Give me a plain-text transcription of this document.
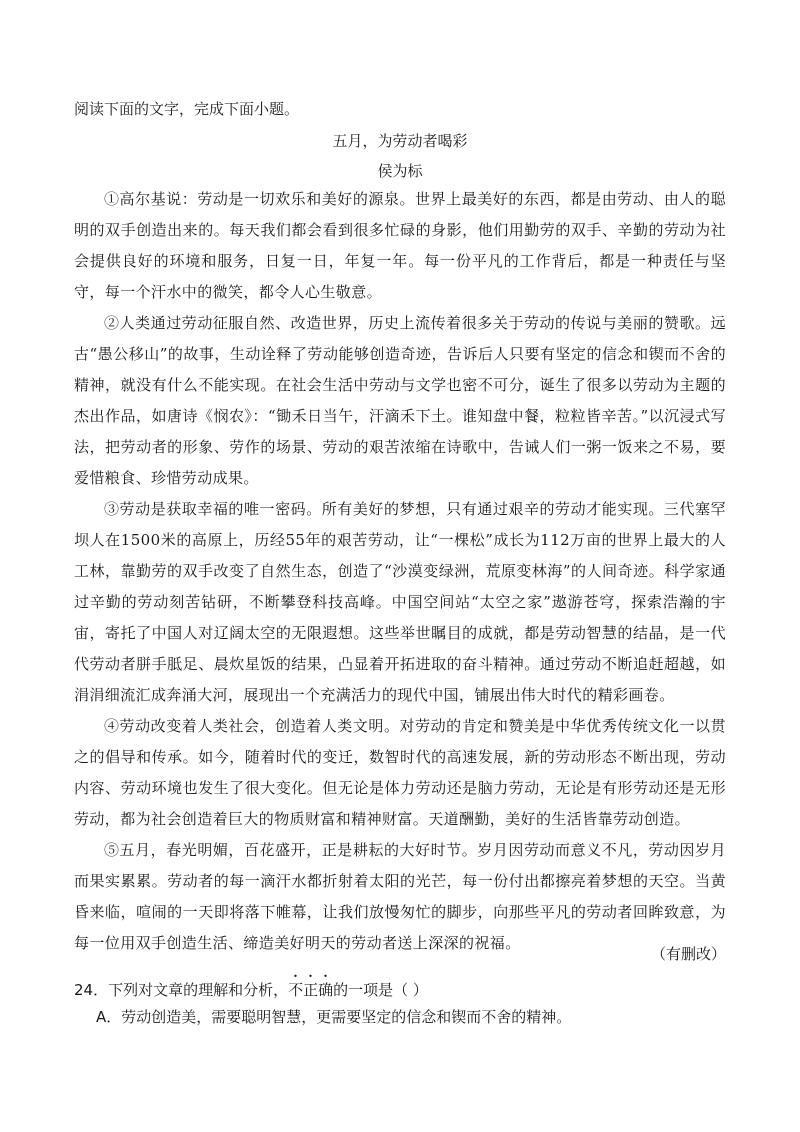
阅读下面的文字，完成下面小题。

五月，为劳动者喝彩

侯为标

①高尔基说：劳动是一切欢乐和美好的源泉。世界上最美好的东西，都是由劳动、由人的聪明的双手创造出来的。每天我们都会看到很多忙碌的身影，他们用勤劳的双手、辛勤的劳动为社会提供良好的环境和服务，日复一日，年复一年。每一份平凡的工作背后，都是一种责任与坚守，每一个汗水中的微笑，都令人心生敬意。

②人类通过劳动征服自然、改造世界，历史上流传着很多关于劳动的传说与美丽的赞歌。远古“愚公移山”的故事，生动诠释了劳动能够创造奇迹，告诉后人只要有坚定的信念和锲而不舍的精神，就没有什么不能实现。在社会生活中劳动与文学也密不可分，诞生了很多以劳动为主题的杰出作品，如唐诗《悯农》：“锄禾日当午，汗滴禾下土。谁知盘中餐，粒粒皆辛苦。”以沉浸式写法，把劳动者的形象、劳作的场景、劳动的艰苦浓缩在诗歌中，告诫人们一粥一饭来之不易，要爱惜粮食、珍惜劳动成果。

③劳动是获取幸福的唯一密码。所有美好的梦想，只有通过艰辛的劳动才能实现。三代塞罕坝人在1500米的高原上，历经55年的艰苦劳动，让“一棵松”成长为112万亩的世界上最大的人工林，靠勤劳的双手改变了自然生态，创造了“沙漠变绿洲，荒原变林海”的人间奇迹。科学家通过辛勤的劳动刻苦钻研，不断攀登科技高峰。中国空间站“太空之家”遨游苍穹，探索浩瀚的宇宙，寄托了中国人对辽阔太空的无限遐想。这些举世瞩目的成就，都是劳动智慧的结晶，是一代代劳动者胼手胝足、晨炊星饭的结果，凸显着开拓进取的奋斗精神。通过劳动不断追赶超越，如涓涓细流汇成奔涌大河，展现出一个充满活力的现代中国，铺展出伟大时代的精彩画卷。

④劳动改变着人类社会，创造着人类文明。对劳动的肯定和赞美是中华优秀传统文化一以贯之的倡导和传承。如今，随着时代的变迁，数智时代的高速发展，新的劳动形态不断出现，劳动内容、劳动环境也发生了很大变化。但无论是体力劳动还是脑力劳动，无论是有形劳动还是无形劳动，都为社会创造着巨大的物质财富和精神财富。天道酬勤，美好的生活皆靠劳动创造。

⑤五月，春光明媚，百花盛开，正是耕耘的大好时节。岁月因劳动而意义不凡，劳动因岁月而果实累累。劳动者的每一滴汗水都折射着太阳的光芒，每一份付出都擦亮着梦想的天空。当黄昏来临，喧闹的一天即将落下帷幕，让我们放慢匆忙的脚步，向那些平凡的劳动者回眸致意，为每一位用双手创造生活、缔造美好明天的劳动者送上深深的祝福。

（有删改）

24．下列对文章的理解和分析，不正确的一项是（ ）

A．劳动创造美，需要聪明智慧，更需要坚定的信念和锲而不舍的精神。
